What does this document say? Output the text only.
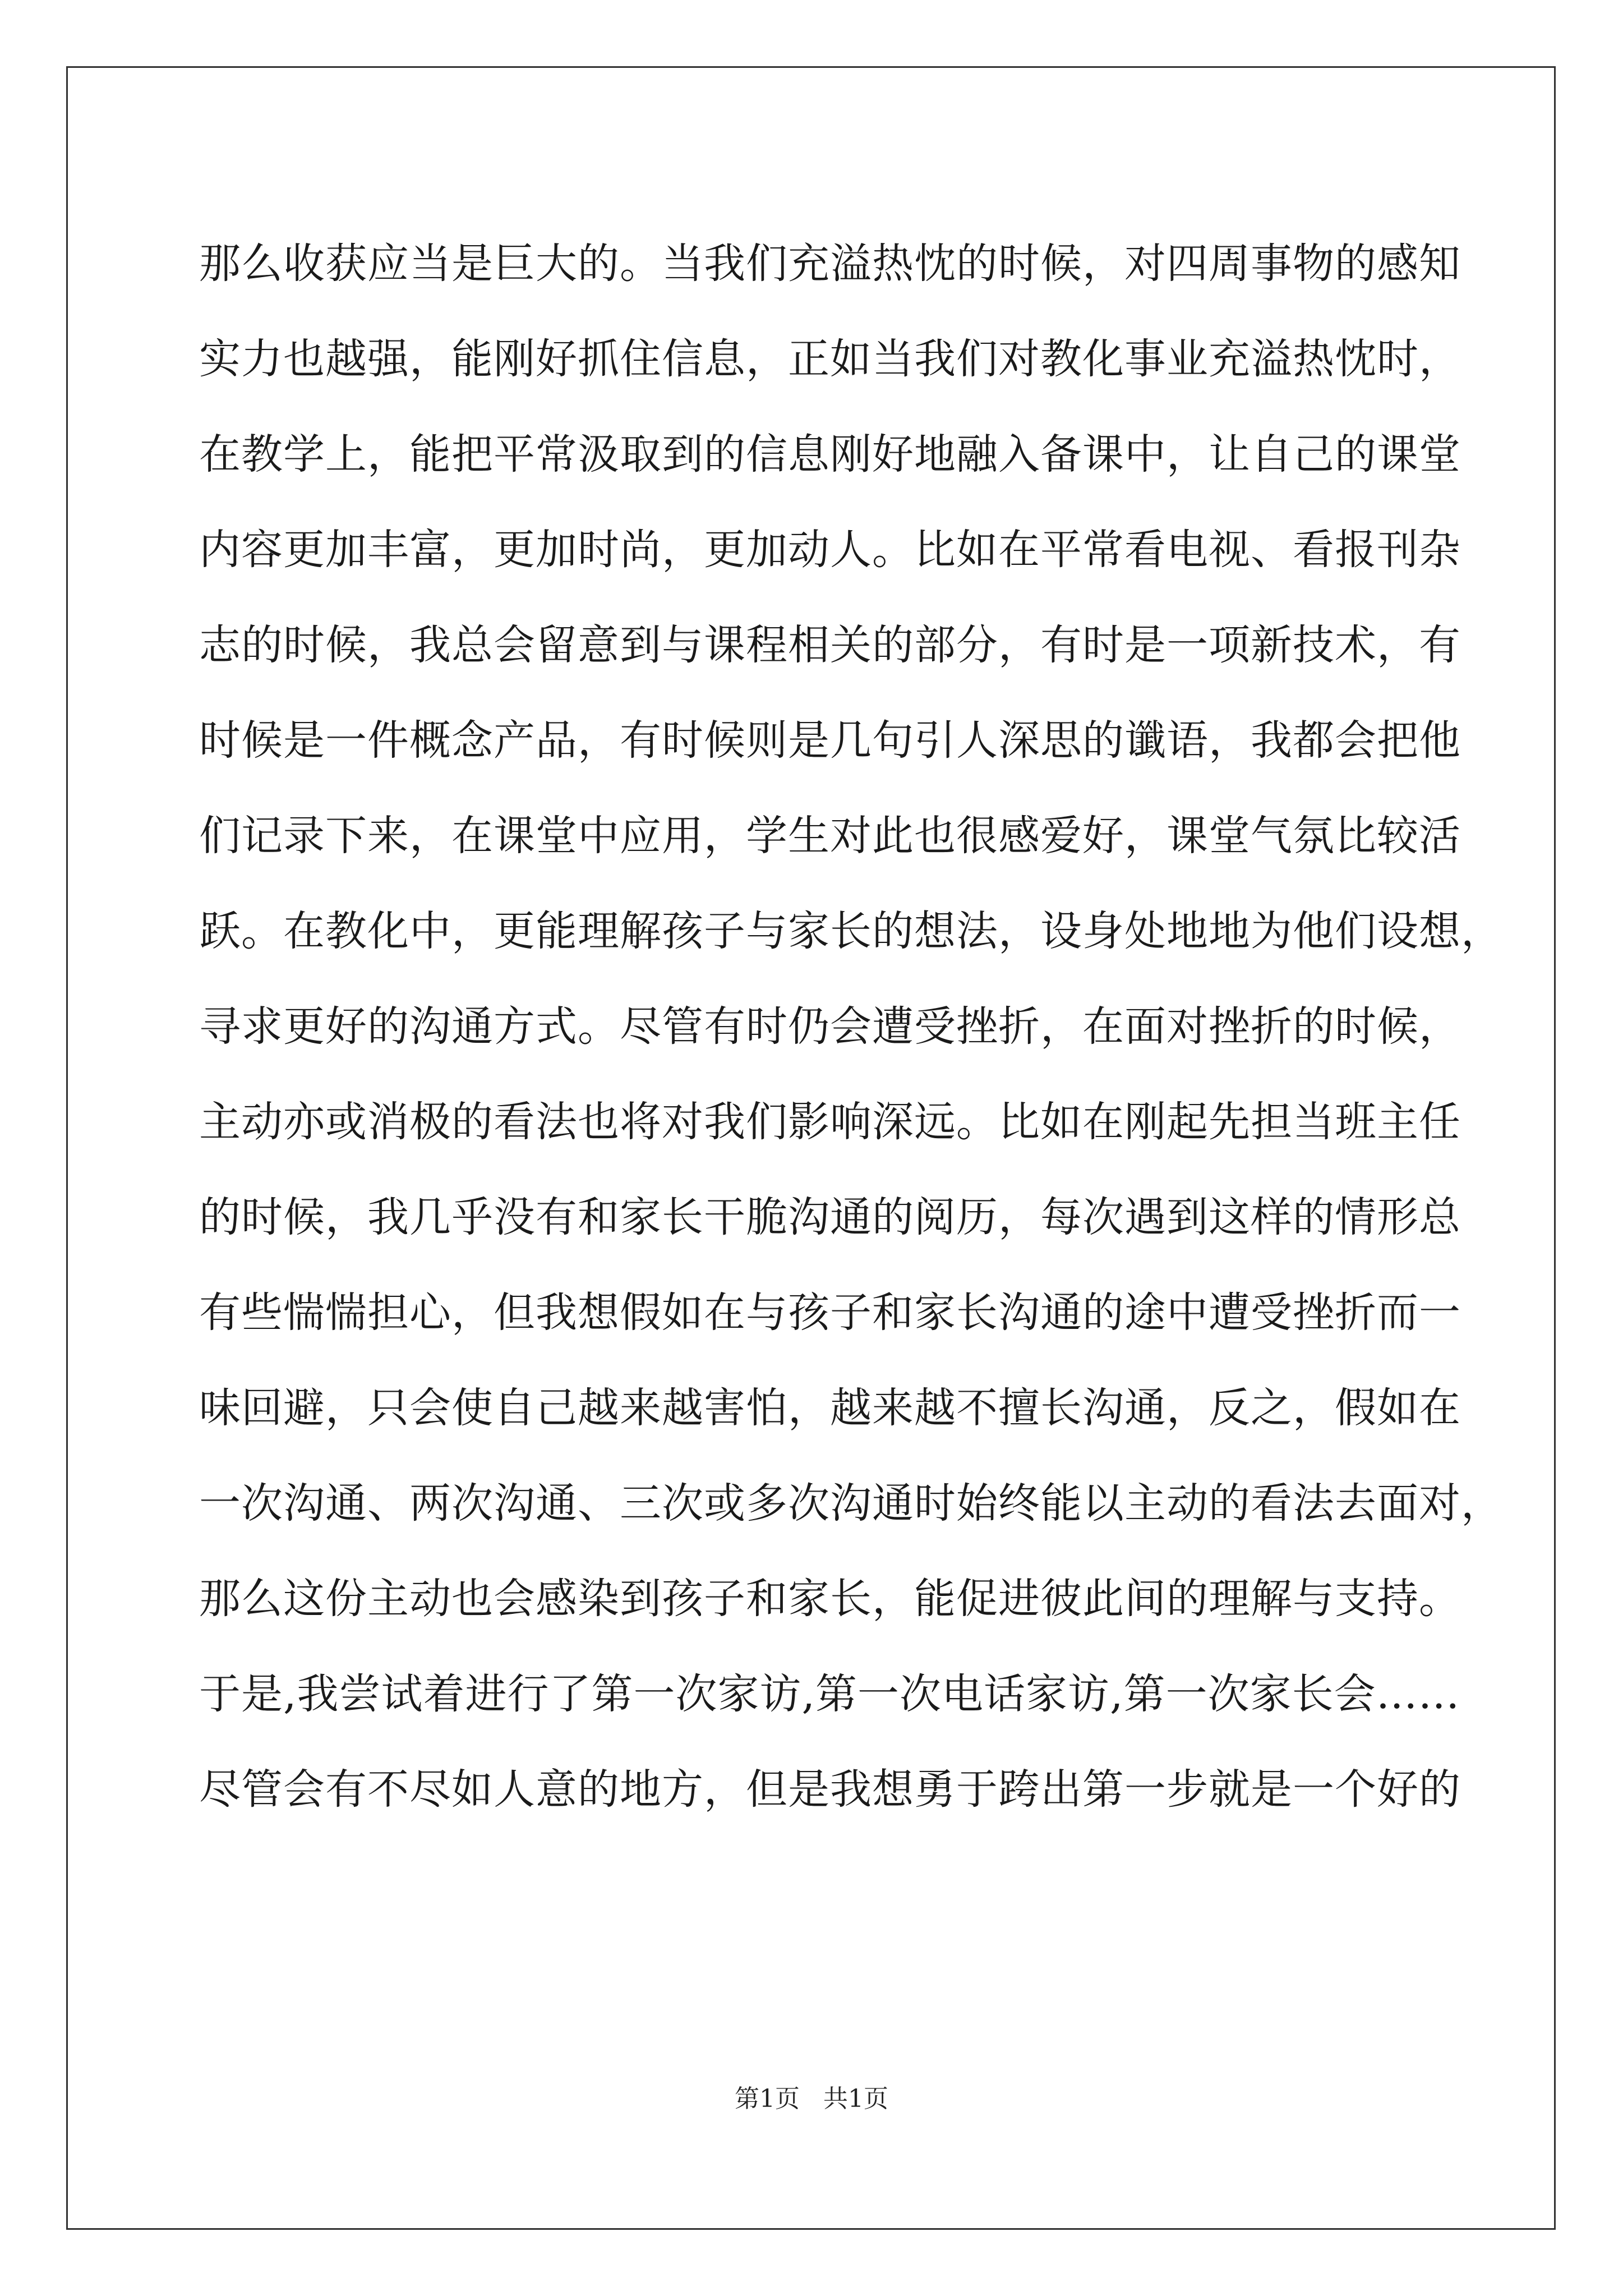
那么收获应当是巨大的。当我们充溢热忱的时候，对四周事物的感知
实力也越强，能刚好抓住信息，正如当我们对教化事业充溢热忱时，
在教学上，能把平常汲取到的信息刚好地融入备课中，让自己的课堂
内容更加丰富，更加时尚，更加动人。比如在平常看电视、看报刊杂
志的时候，我总会留意到与课程相关的部分，有时是一项新技术，有
时候是一件概念产品，有时候则是几句引人深思的谶语，我都会把他
们记录下来，在课堂中应用，学生对此也很感爱好，课堂气氛比较活
跃。在教化中，更能理解孩子与家长的想法，设身处地地为他们设想，
寻求更好的沟通方式。尽管有时仍会遭受挫折，在面对挫折的时候，
主动亦或消极的看法也将对我们影响深远。比如在刚起先担当班主任
的时候，我几乎没有和家长干脆沟通的阅历，每次遇到这样的情形总
有些惴惴担心，但我想假如在与孩子和家长沟通的途中遭受挫折而一
味回避，只会使自己越来越害怕，越来越不擅长沟通，反之，假如在
一次沟通、两次沟通、三次或多次沟通时始终能以主动的看法去面对，
那么这份主动也会感染到孩子和家长，能促进彼此间的理解与支持。
于是,我尝试着进行了第一次家访,第一次电话家访,第一次家长会……
尽管会有不尽如人意的地方，但是我想勇于跨出第一步就是一个好的
第1页   共1页
